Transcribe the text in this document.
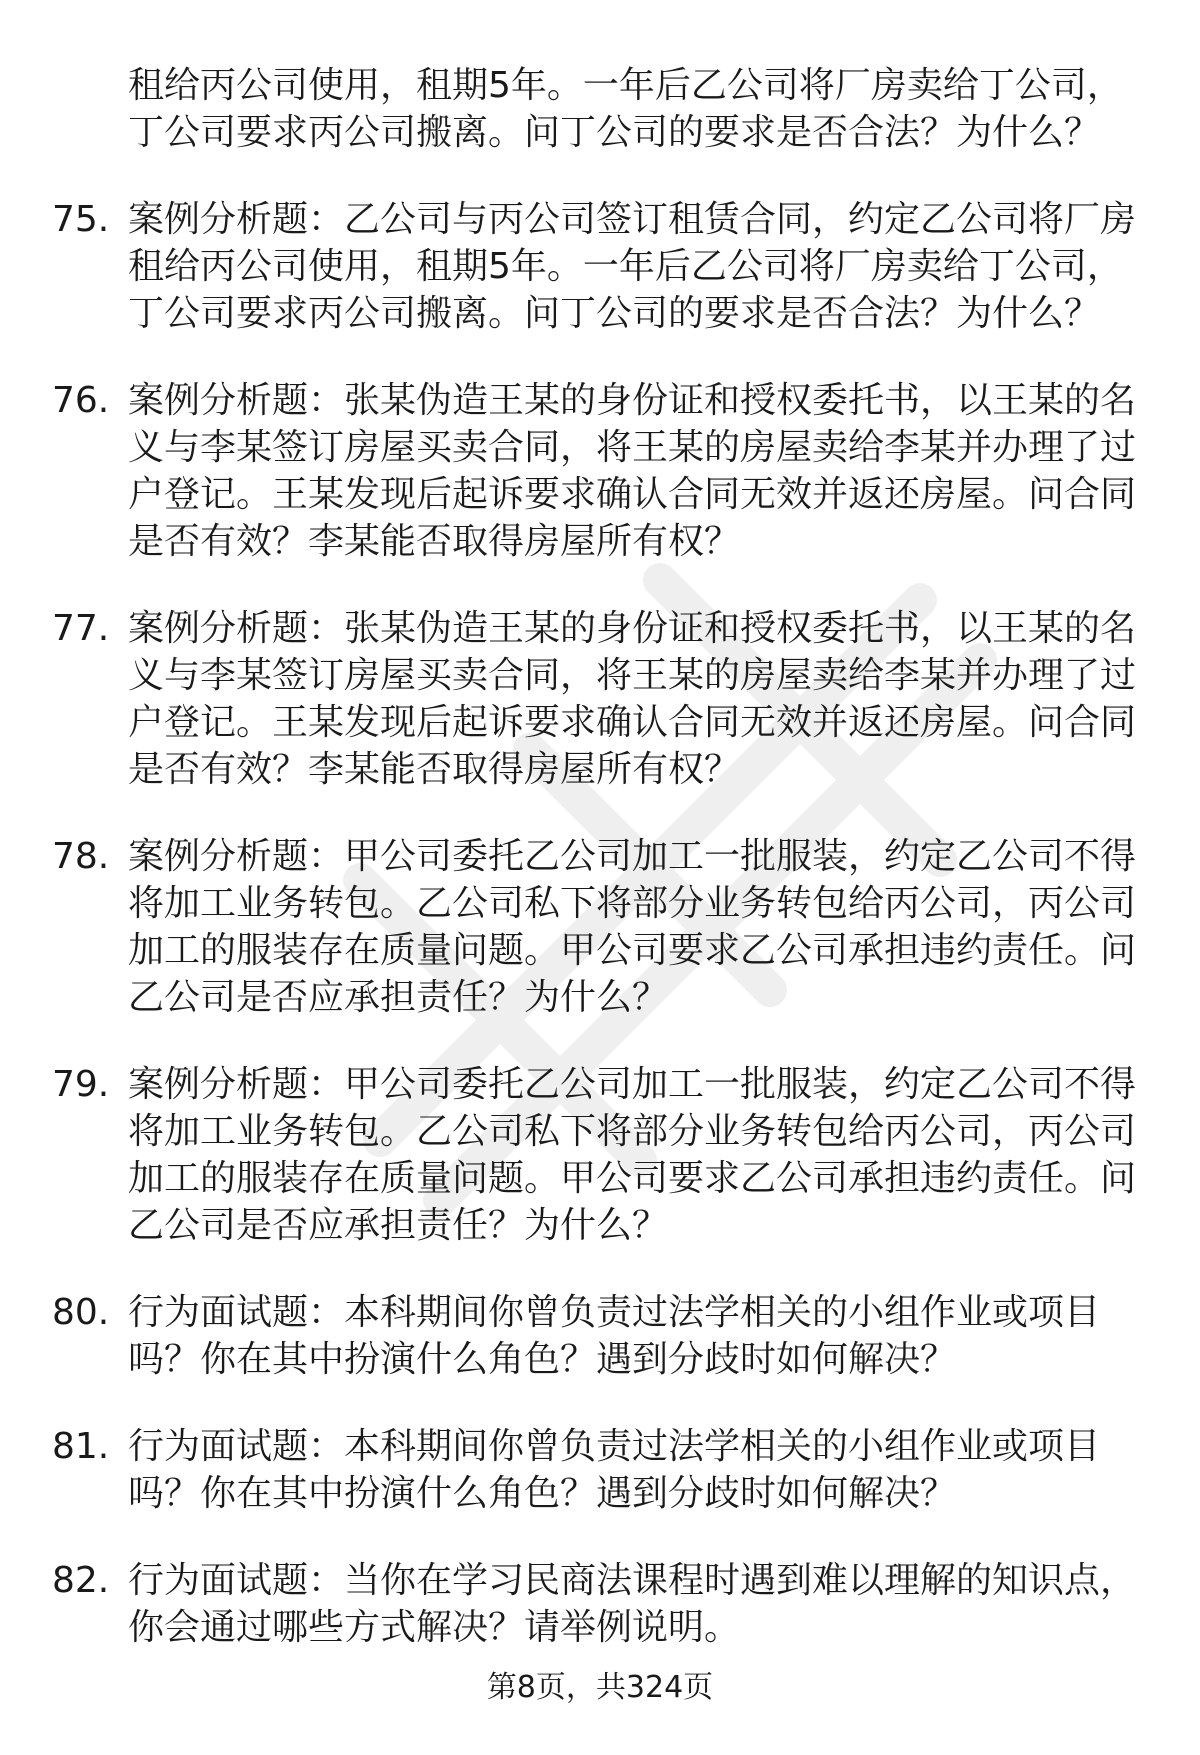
租给丙公司使用，租期5年。一年后乙公司将厂房卖给丁公司，丁公司要求丙公司搬离。问丁公司的要求是否合法？为什么？
75. 案例分析题：乙公司与丙公司签订租赁合同，约定乙公司将厂房租给丙公司使用，租期5年。一年后乙公司将厂房卖给丁公司，丁公司要求丙公司搬离。问丁公司的要求是否合法？为什么？
76. 案例分析题：张某伪造王某的身份证和授权委托书，以王某的名义与李某签订房屋买卖合同，将王某的房屋卖给李某并办理了过户登记。王某发现后起诉要求确认合同无效并返还房屋。问合同是否有效？李某能否取得房屋所有权？
77. 案例分析题：张某伪造王某的身份证和授权委托书，以王某的名义与李某签订房屋买卖合同，将王某的房屋卖给李某并办理了过户登记。王某发现后起诉要求确认合同无效并返还房屋。问合同是否有效？李某能否取得房屋所有权？
78. 案例分析题：甲公司委托乙公司加工一批服装，约定乙公司不得将加工业务转包。乙公司私下将部分业务转包给丙公司，丙公司加工的服装存在质量问题。甲公司要求乙公司承担违约责任。问乙公司是否应承担责任？为什么？
79. 案例分析题：甲公司委托乙公司加工一批服装，约定乙公司不得将加工业务转包。乙公司私下将部分业务转包给丙公司，丙公司加工的服装存在质量问题。甲公司要求乙公司承担违约责任。问乙公司是否应承担责任？为什么？
80. 行为面试题：本科期间你曾负责过法学相关的小组作业或项目吗？你在其中扮演什么角色？遇到分歧时如何解决？
81. 行为面试题：本科期间你曾负责过法学相关的小组作业或项目吗？你在其中扮演什么角色？遇到分歧时如何解决？
82. 行为面试题：当你在学习民商法课程时遇到难以理解的知识点，你会通过哪些方式解决？请举例说明。
第8页，共324页
